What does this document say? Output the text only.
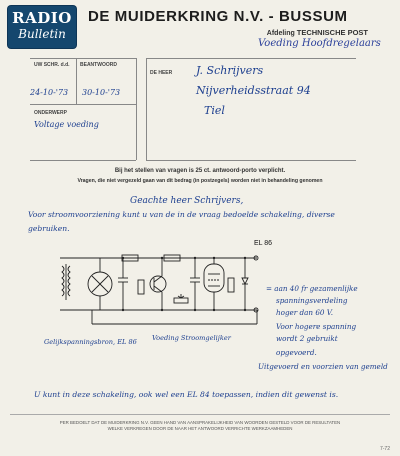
RADIO
Bulletin
DE MUIDERKRING N.V. - BUSSUM
Afdeling TECHNISCHE POST
Voeding Hoofdregelaars
UW SCHR. d.d. BEANTWOORD
24-10-'73 30-10-'73
ONDERWERP
Voltage voeding
DE HEER J. Schrijvers
Nijverheidsstraat 94
Tiel
Bij het stellen van vragen is 25 ct. antwoord-porto verplicht.
Vragen, die niet vergezeld gaan van dit bedrag (in postzegels) worden niet in behandeling genomen
Geachte heer Schrijvers,
Voor stroomvoorziening kunt u van de in de vraag bedoelde schakeling, diverse
gebruiken.
EL 86
= aan 40 fr gezamenlijke
spanningsverdeling
hoger dan 60 V.
Voor hogere spanning
wordt 2 gebruikt
opgevoerd.
Uitgevoerd en voorzien van gemeld
Gelijkspanningsbron, EL 86 Voeding Stroomgelijker
U kunt in deze schakeling, ook wel een EL 84 toepassen, indien dit gewenst is.
PER BEDOELT DAT DE MUIDERKRING N.V. GEEN HAND VAN AANSPRAKELIJKHEID VAN WOORDEN GESTELD VOOR DE RESULTATEN
WELKE VERKREGEN DOOR DE NAAR HET ANTWOORD VERRICHTE WERKZAAMHEDEN
7-72
